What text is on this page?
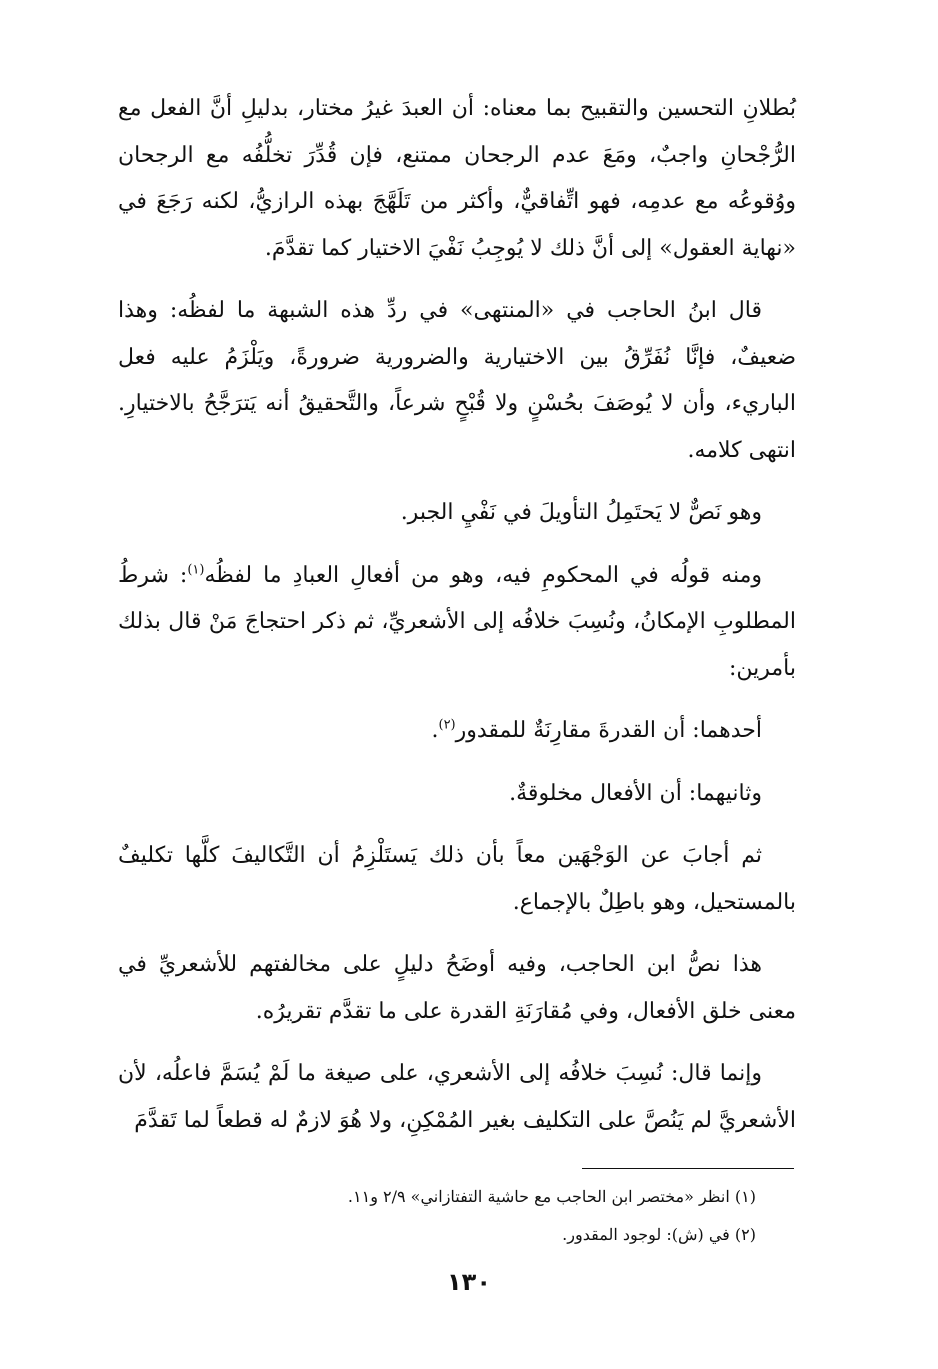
بُطلانِ التحسين والتقبيح بما معناه: أن العبدَ غيرُ مختار، بدليلِ أنَّ الفعل مع الرُّجْحانِ واجبٌ، ومَعَ عدم الرجحان ممتنع، فإن قُدِّرَ تخلُّفُه مع الرجحان ووُقوعُه مع عدمِه، فهو اتِّفاقيٌّ، وأكثر من تَلَهَّجَ بهذه الرازيُّ، لكنه رَجَعَ في «نهاية العقول» إلى أنَّ ذلك لا يُوجِبُ نَفْيَ الاختيار كما تقدَّمَ.

قال ابنُ الحاجب في «المنتهى» في ردِّ هذه الشبهة ما لفظُه: وهذا ضعيفٌ، فإنَّا نُفَرِّقُ بين الاختيارية والضرورية ضرورةً، ويَلْزَمُ عليه فعل الباريء، وأن لا يُوصَفَ بحُسْنٍ ولا قُبْحٍ شرعاً، والتَّحقيقُ أنه يَترَجَّحُ بالاختيارِ. انتهى كلامه.

وهو نَصٌّ لا يَحتَمِلُ التأويلَ في نَفْيِ الجبر.

ومنه قولُه في المحكومِ فيه، وهو من أفعالِ العبادِ ما لفظُه$^{(١)}$: شرطُ المطلوبِ الإمكانُ، ونُسِبَ خلافُه إلى الأشعريِّ، ثم ذكر احتجاجَ مَنْ قال بذلك بأمرين:

أحدهما: أن القدرةَ مقارِنَةٌ للمقدور$^{(٢)}$.

وثانيهما: أن الأفعال مخلوقةٌ.

ثم أجابَ عن الوَجْهَين معاً بأن ذلك يَستَلْزِمُ أن التَّكاليفَ كلَّها تكليفٌ بالمستحيل، وهو باطِلٌ بالإجماع.

هذا نصُّ ابن الحاجب، وفيه أوضَحُ دليلٍ على مخالفتهم للأشعريِّ في معنى خلق الأفعال، وفي مُقارَنَةِ القدرة على ما تقدَّم تقريرُه.

وإنما قال: نُسِبَ خلافُه إلى الأشعري، على صيغة ما لَمْ يُسَمَّ فاعلُه، لأن الأشعريَّ لم يَنُصَّ على التكليف بغير المُمْكِنِ، ولا هُوَ لازمٌ له قطعاً لما تَقدَّمَ

(١) انظر «مختصر ابن الحاجب مع حاشية التفتازاني» ٢/٩ و١١.

(٢) في (ش): لوجود المقدور.

١٣٠
